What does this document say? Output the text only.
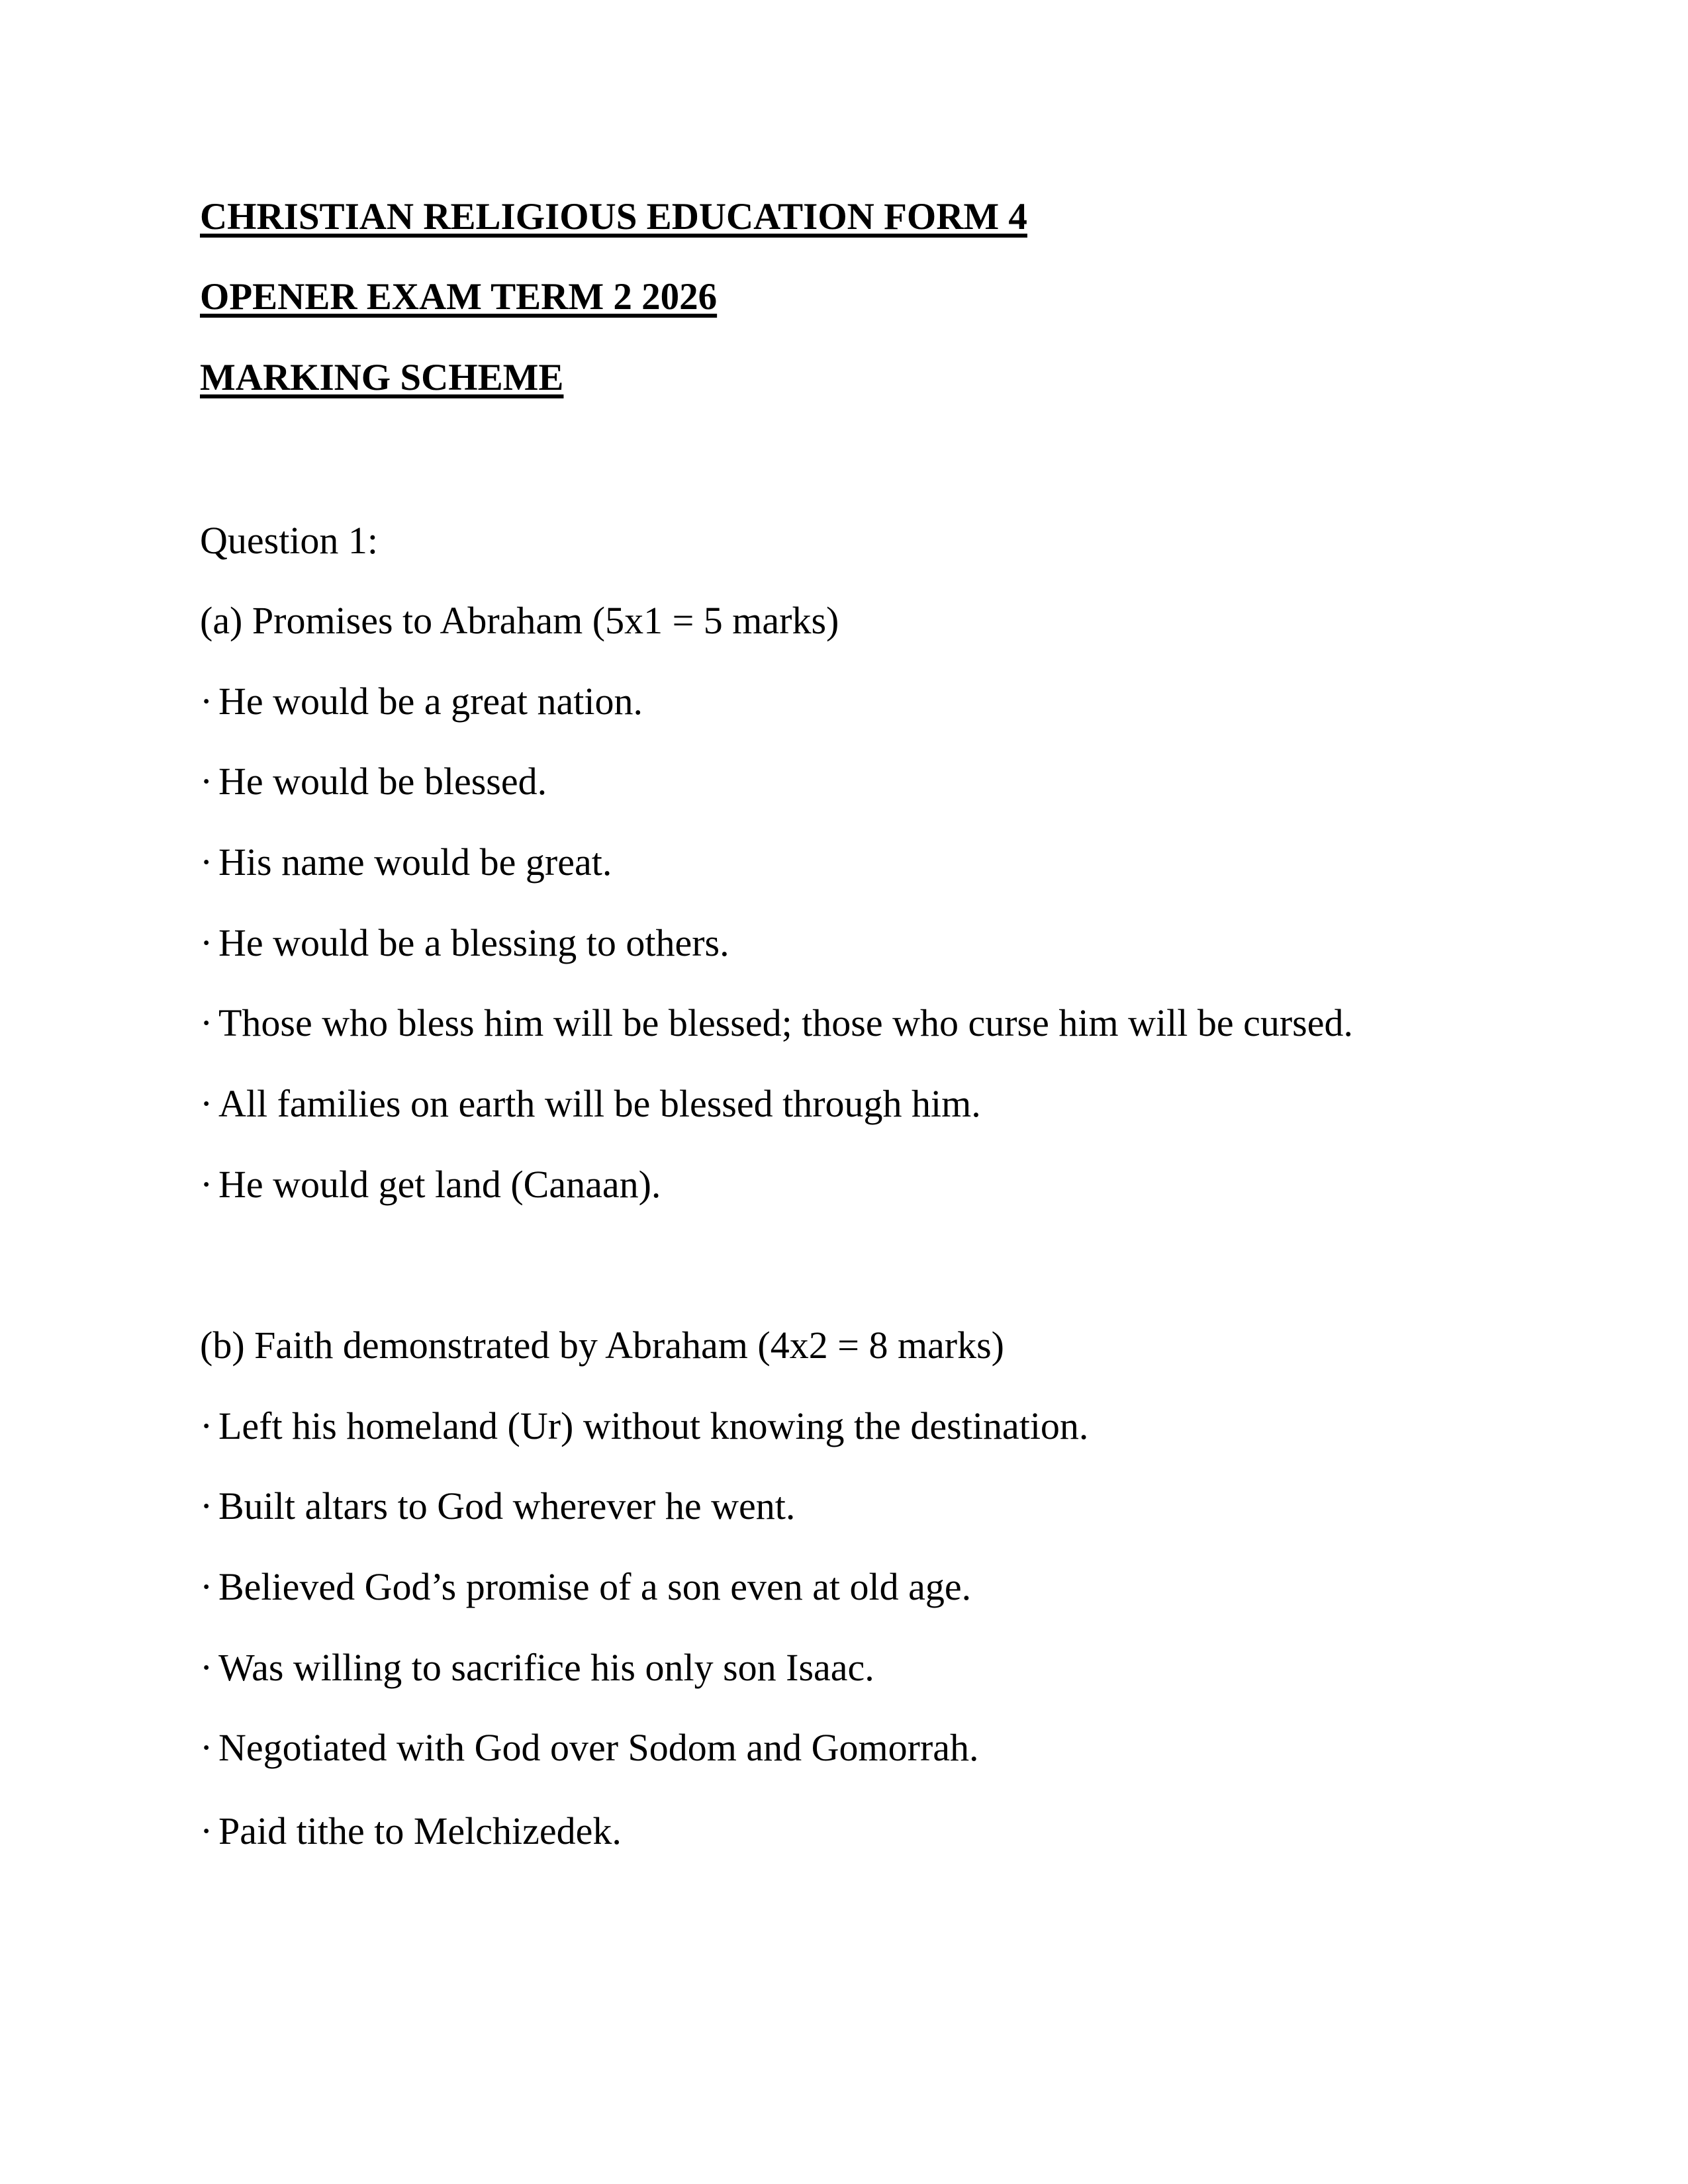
CHRISTIAN RELIGIOUS EDUCATION FORM 4
OPENER EXAM TERM 2 2026
MARKING SCHEME
Question 1:
(a) Promises to Abraham (5x1 = 5 marks)
· He would be a great nation.
· He would be blessed.
· His name would be great.
· He would be a blessing to others.
· Those who bless him will be blessed; those who curse him will be cursed.
· All families on earth will be blessed through him.
· He would get land (Canaan).
(b) Faith demonstrated by Abraham (4x2 = 8 marks)
· Left his homeland (Ur) without knowing the destination.
· Built altars to God wherever he went.
· Believed God’s promise of a son even at old age.
· Was willing to sacrifice his only son Isaac.
· Negotiated with God over Sodom and Gomorrah.
· Paid tithe to Melchizedek.
